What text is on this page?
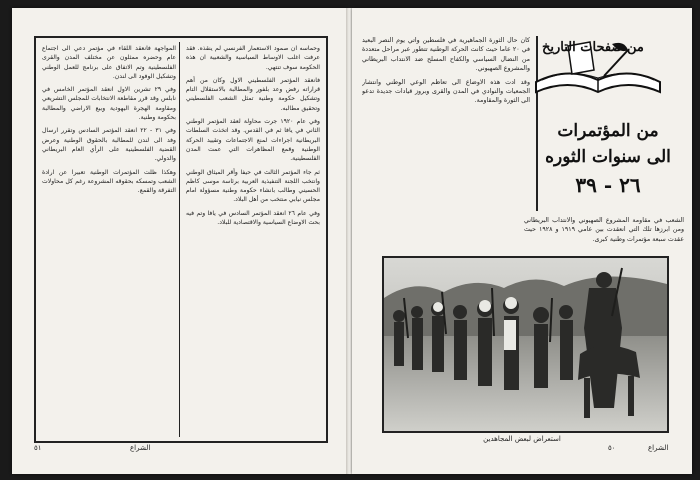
وحماسه ان صمود الاستعمار الفرنسي لم ينقذه. فقد عرفت اغلب الاوساط السياسية والشعبية ان هذه الحكومة سوف تنتهي.

فانعقد المؤتمر الفلسطيني الاول وكان من أهم قراراته رفض وعد بلفور والمطالبة بالاستقلال التام وتشكيل حكومة وطنية تمثل الشعب الفلسطيني وتحقيق مطالبه.

وفي عام ١٩٢٠ جرت محاولة لعقد المؤتمر الوطني الثاني في يافا ثم في القدس. وقد اتخذت السلطات البريطانية اجراءات لمنع الاجتماعات وتقييد الحركة الوطنية وقمع المظاهرات التي عمت المدن الفلسطينية.

ثم جاء المؤتمر الثالث في حيفا وأقر الميثاق الوطني وانتخب اللجنة التنفيذية العربية برئاسة موسى كاظم الحسيني وطالب بانشاء حكومة وطنية مسؤولة امام مجلس نيابي منتخب من أهل البلاد.

وفي عام ٢٦ انعقد المؤتمر السادس في يافا وتم فيه بحث الاوضاع السياسية والاقتصادية للبلاد.

المواجهة فانعقد اللقاء في مؤتمر دعي الى اجتماع عام وحضره ممثلون عن مختلف المدن والقرى الفلسطينية وتم الاتفاق على برنامج للعمل الوطني وتشكيل الوفود الى لندن.

وفي ٢٩ تشرين الاول انعقد المؤتمر الخامس في نابلس وقد قرر مقاطعة الانتخابات للمجلس التشريعي ومقاومة الهجرة اليهودية وبيع الاراضي والمطالبة بحكومة وطنية.

وفي ٣١ - ٢٢ انعقد المؤتمر السادس وتقرر ارسال وفد الى لندن للمطالبة بالحقوق الوطنية وعرض القضية الفلسطينية على الرأي العام البريطاني والدولي.

وهكذا ظلت المؤتمرات الوطنية تعبيرا عن ارادة الشعب وتمسكه بحقوقه المشروعة رغم كل محاولات التفرقة والقمع.

٥١	الشراع

كان حال الثورة الجماهيرية في فلسطين واتي يوم النصر البعيد في ٢٠ عاما حيث كانت الحركة الوطنية تتطور عبر مراحل متعددة من النضال السياسي والكفاح المسلح ضد الانتداب البريطاني والمشروع الصهيوني.

وقد ادت هذه الاوضاع الى تعاظم الوعي الوطني وانتشار الجمعيات والنوادي في المدن والقرى وبروز قيادات جديدة تدعو الى الثورة والمقاومة.

من صفحات التاريخ
من المؤتمرات
الى سنوات الثوره
٢٦ - ٣٩

الشعب في مقاومة المشروع الصهيوني والانتداب البريطاني ومن ابرزها تلك التي انعقدت بين عامي ١٩١٩ و ١٩٢٨ حيث عقدت سبعة مؤتمرات وطنية كبرى.

استعراض لبعض المجاهدين
الشراع
٥٠
